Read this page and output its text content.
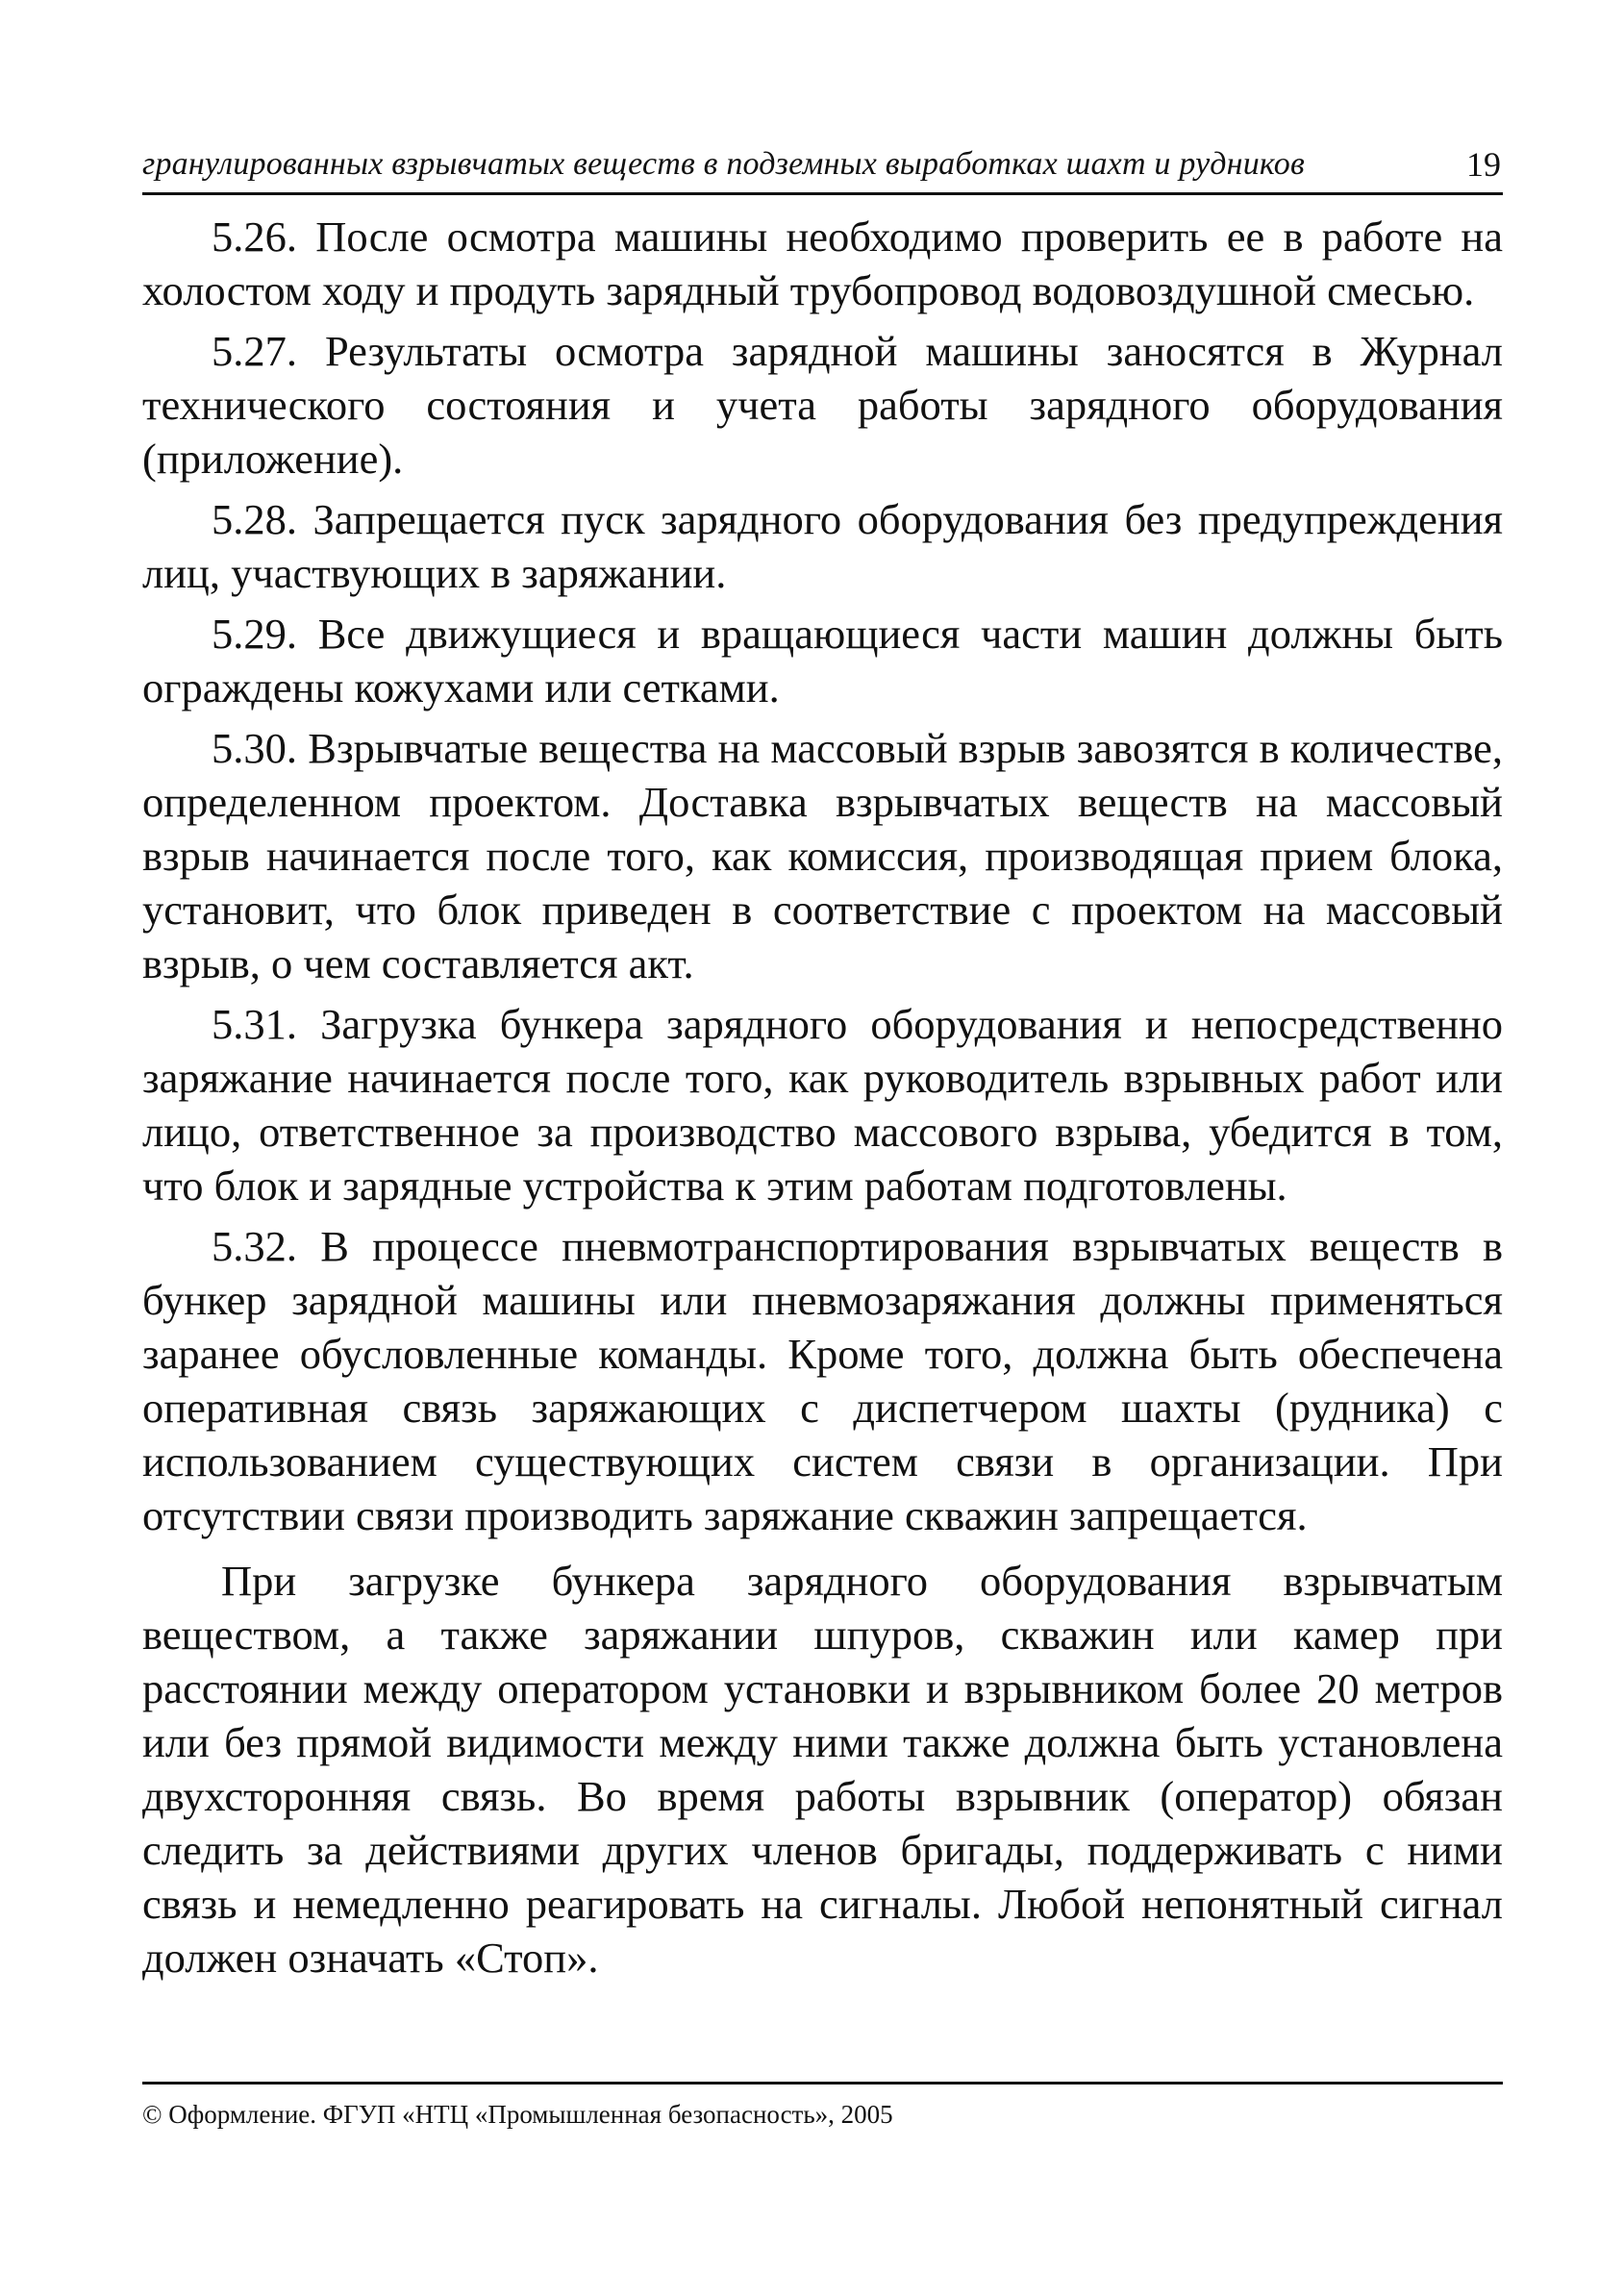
гранулированных взрывчатых веществ в подземных выработках шахт и рудников	19

5.26. После осмотра машины необходимо проверить ее в работе на холостом ходу и продуть зарядный трубопровод водовоздушной смесью.

5.27. Результаты осмотра зарядной машины заносятся в Журнал технического состояния и учета работы зарядного оборудования (приложение).

5.28. Запрещается пуск зарядного оборудования без предупреждения лиц, участвующих в заряжании.

5.29. Все движущиеся и вращающиеся части машин должны быть ограждены кожухами или сетками.

5.30. Взрывчатые вещества на массовый взрыв завозятся в количестве, определенном проектом. Доставка взрывчатых веществ на массовый взрыв начинается после того, как комиссия, производящая прием блока, установит, что блок приведен в соответствие с проектом на массовый взрыв, о чем составляется акт.

5.31. Загрузка бункера зарядного оборудования и непосредственно заряжание начинается после того, как руководитель взрывных работ или лицо, ответственное за производство массового взрыва, убедится в том, что блок и зарядные устройства к этим работам подготовлены.

5.32. В процессе пневмотранспортирования взрывчатых веществ в бункер зарядной машины или пневмозаряжания должны применяться заранее обусловленные команды. Кроме того, должна быть обеспечена оперативная связь заряжающих с диспетчером шахты (рудника) с использованием существующих систем связи в организации. При отсутствии связи производить заряжание скважин запрещается.

При загрузке бункера зарядного оборудования взрывчатым веществом, а также заряжании шпуров, скважин или камер при расстоянии между оператором установки и взрывником более 20 метров или без прямой видимости между ними также должна быть установлена двухсторонняя связь. Во время работы взрывник (оператор) обязан следить за действиями других членов бригады, поддерживать с ними связь и немедленно реагировать на сигналы. Любой непонятный сигнал должен означать «Стоп».

© Оформление. ФГУП «НТЦ «Промышленная безопасность», 2005
